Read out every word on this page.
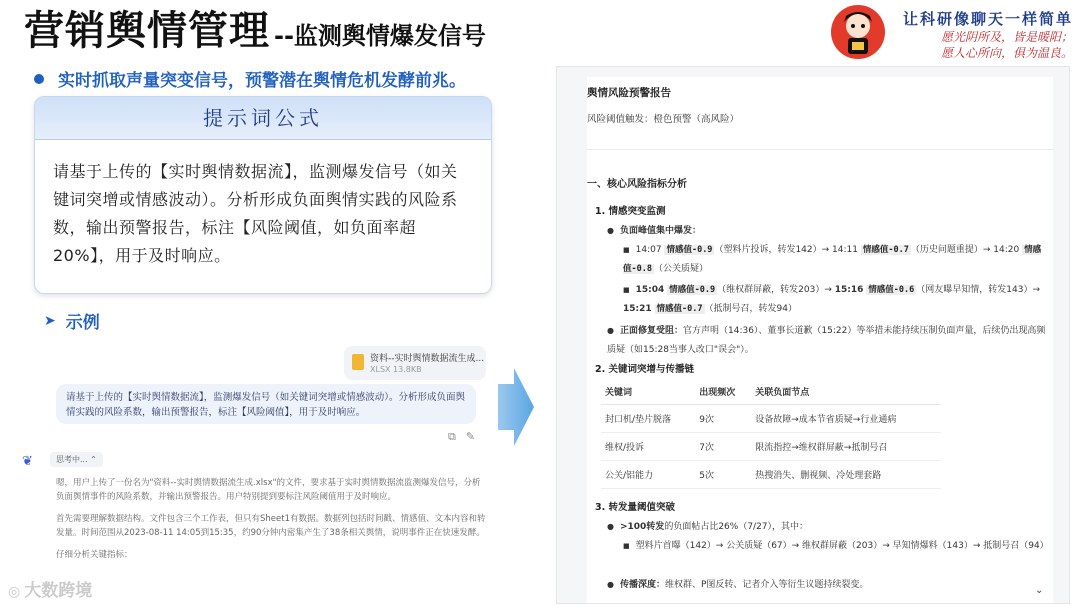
营销舆情管理 --监测舆情爆发信号
让科研像聊天一样简单
愿光阴所及，皆是暖阳；
愿人心所向，俱为温良。
实时抓取声量突变信号，预警潜在舆情危机发酵前兆。
提示词公式
请基于上传的【实时舆情数据流】，监测爆发信号（如关键词突增或情感波动）。分析形成负面舆情实践的风险系数，输出预警报告，标注【风险阈值，如负面率超20%】，用于及时响应。
➤ 示例
资料--实时舆情数据流生成...
XLSX 13.8KB
请基于上传的【实时舆情数据流】，监测爆发信号（如关键词突增或情感波动）。分析形成负面舆情实践的风险系数，输出预警报告，标注【风险阈值】，用于及时响应。
⧉ ✎
❦	思考中... ⌃

嗯，用户上传了一份名为"资料--实时舆情数据流生成.xlsx"的文件，要求基于实时舆情数据流监测爆发信号，分析负面舆情事件的风险系数，并输出预警报告。用户特别提到要标注风险阈值用于及时响应。

首先需要理解数据结构。文件包含三个工作表，但只有Sheet1有数据。数据列包括时间戳、情感值、文本内容和转发量。时间范围从2023-08-11 14:05到15:35，约90分钟内密集产生了38条相关舆情，说明事件正在快速发酵。

仔细分析关键指标：

◎ 大数跨境
舆情风险预警报告
风险阈值触发：橙色预警（高风险）
一、核心风险指标分析
1. 情感突变监测
● 负面峰值集中爆发：
■ 14:07 情感值-0.9 （塑料片投诉，转发142）→ 14:11 情感值-0.7 （历史问题重提）→ 14:20 情感值-0.8 （公关质疑）
■ 15:04 情感值-0.9 （维权群屏蔽，转发203）→ 15:16 情感值-0.6 （网友曝早知情，转发143）→ 15:21 情感值-0.7 （抵制号召，转发94）
● 正面修复受阻：官方声明（14:36）、董事长道歉（15:22）等举措未能持续压制负面声量，后续仍出现高频质疑（如15:28当事人改口"误会"）。
2. 关键词突增与传播链
关键词	出现频次	关联负面节点
封口机/垫片脱落	9次	设备故障→成本节省质疑→行业通病
维权/投诉	7次	限流指控→维权群屏蔽→抵制号召
公关/铝能力	5次	热搜消失、删视频、冷处理套路
3. 转发量阈值突破
● >100转发的负面帖占比26%（7/27），其中：
■ 塑料片首曝（142）→ 公关质疑（67）→ 维权群屏蔽（203）→ 早知情爆料（143）→ 抵制号召（94）
● 传播深度：维权群、P图反转、记者介入等衍生议题持续裂变。	⌄
